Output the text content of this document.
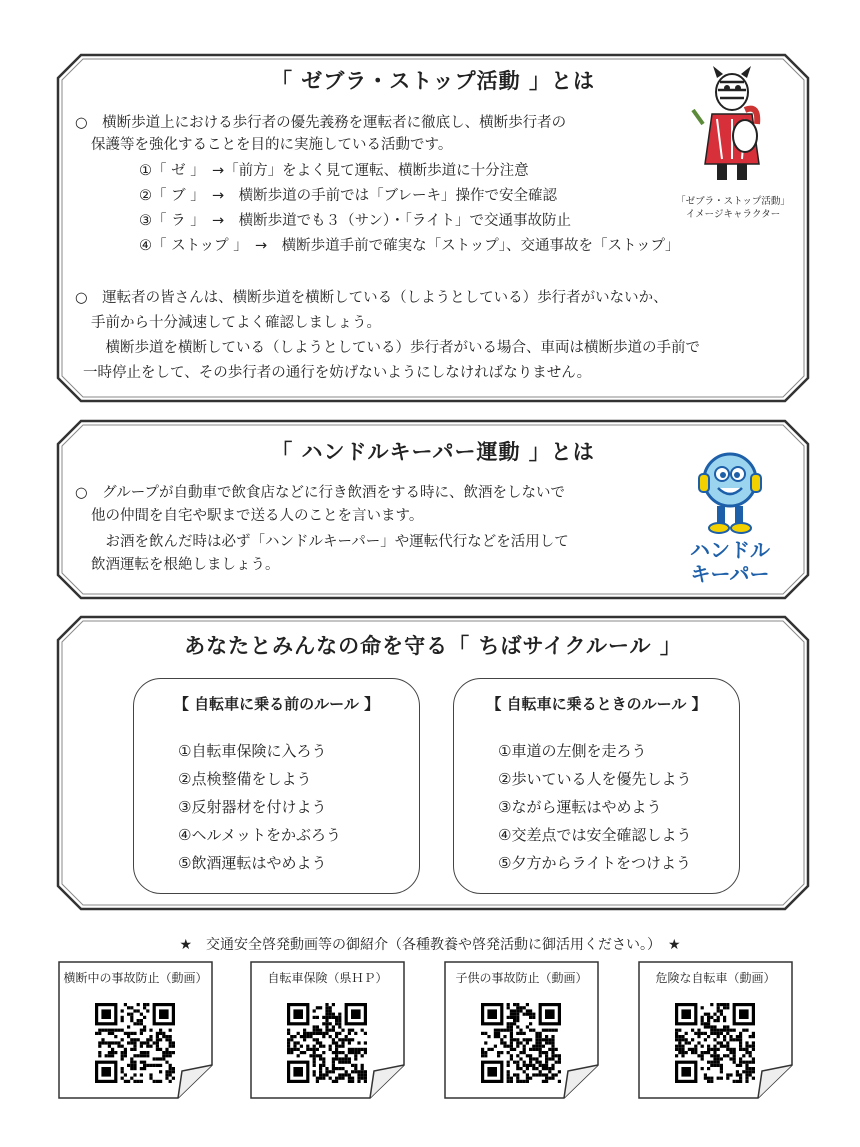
「 ゼブラ・ストップ活動 」とは
○　横断歩道上における歩行者の優先義務を運転者に徹底し、横断歩行者の
保護等を強化することを目的に実施している活動です。
①「 ゼ 」　→「前方」をよく見て運転、横断歩道に十分注意
②「 ブ 」　→　横断歩道の手前では「ブレーキ」操作で安全確認
③「 ラ 」　→　横断歩道でも３（サン）・「ライト」で交通事故防止
④「 ストップ 」　→　横断歩道手前で確実な「ストップ」、交通事故を「ストップ」
○　運転者の皆さんは、横断歩道を横断している（しようとしている）歩行者がいないか、
手前から十分減速してよく確認しましょう。
　横断歩道を横断している（しようとしている）歩行者がいる場合、車両は横断歩道の手前で
一時停止をして、その歩行者の通行を妨げないようにしなければなりません。
「ゼブラ・ストップ活動」
イメージキャラクター
「 ハンドルキーパー運動 」とは
○　グループが自動車で飲食店などに行き飲酒をする時に、飲酒をしないで
他の仲間を自宅や駅まで送る人のことを言います。
　お酒を飲んだ時は必ず「ハンドルキーパー」や運転代行などを活用して
飲酒運転を根絶しましょう。
ハンドル
キーパー
あなたとみんなの命を守る「 ちばサイクルール 」
【 自転車に乗る前のルール 】
①自転車保険に入ろう
②点検整備をしよう
③反射器材を付けよう
④ヘルメットをかぶろう
⑤飲酒運転はやめよう
【 自転車に乗るときのルール 】
①車道の左側を走ろう
②歩いている人を優先しよう
③ながら運転はやめよう
④交差点では安全確認しよう
⑤夕方からライトをつけよう
★　交通安全啓発動画等の御紹介（各種教養や啓発活動に御活用ください。）　★
横断中の事故防止（動画）	自転車保険（県ＨＰ）	子供の事故防止（動画）	危険な自転車（動画）
